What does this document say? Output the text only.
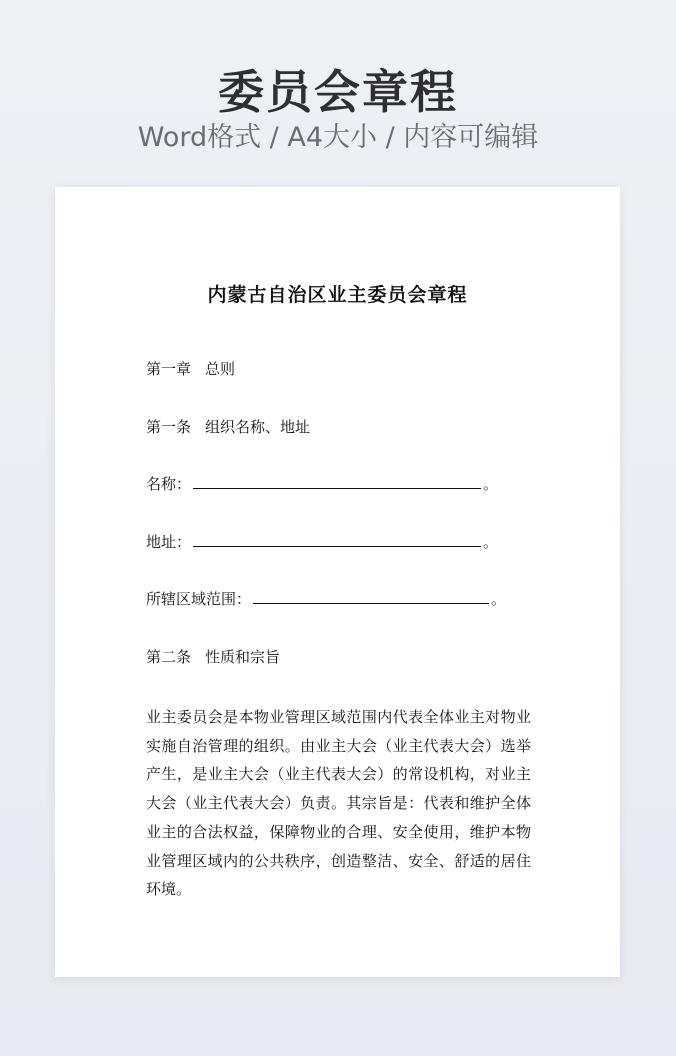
委员会章程
Word格式 / A4大小 / 内容可编辑
内蒙古自治区业主委员会章程
第一章 总则
第一条 组织名称、地址
名称：	。
地址：	。
所辖区域范围：	。
第二条 性质和宗旨
业主委员会是本物业管理区域范围内代表全体业主对物业实施自治管理的组织。由业主大会（业主代表大会）选举产生，是业主大会（业主代表大会）的常设机构，对业主大会（业主代表大会）负责。其宗旨是：代表和维护全体业主的合法权益，保障物业的合理、安全使用，维护本物业管理区域内的公共秩序，创造整洁、安全、舒适的居住环境。
